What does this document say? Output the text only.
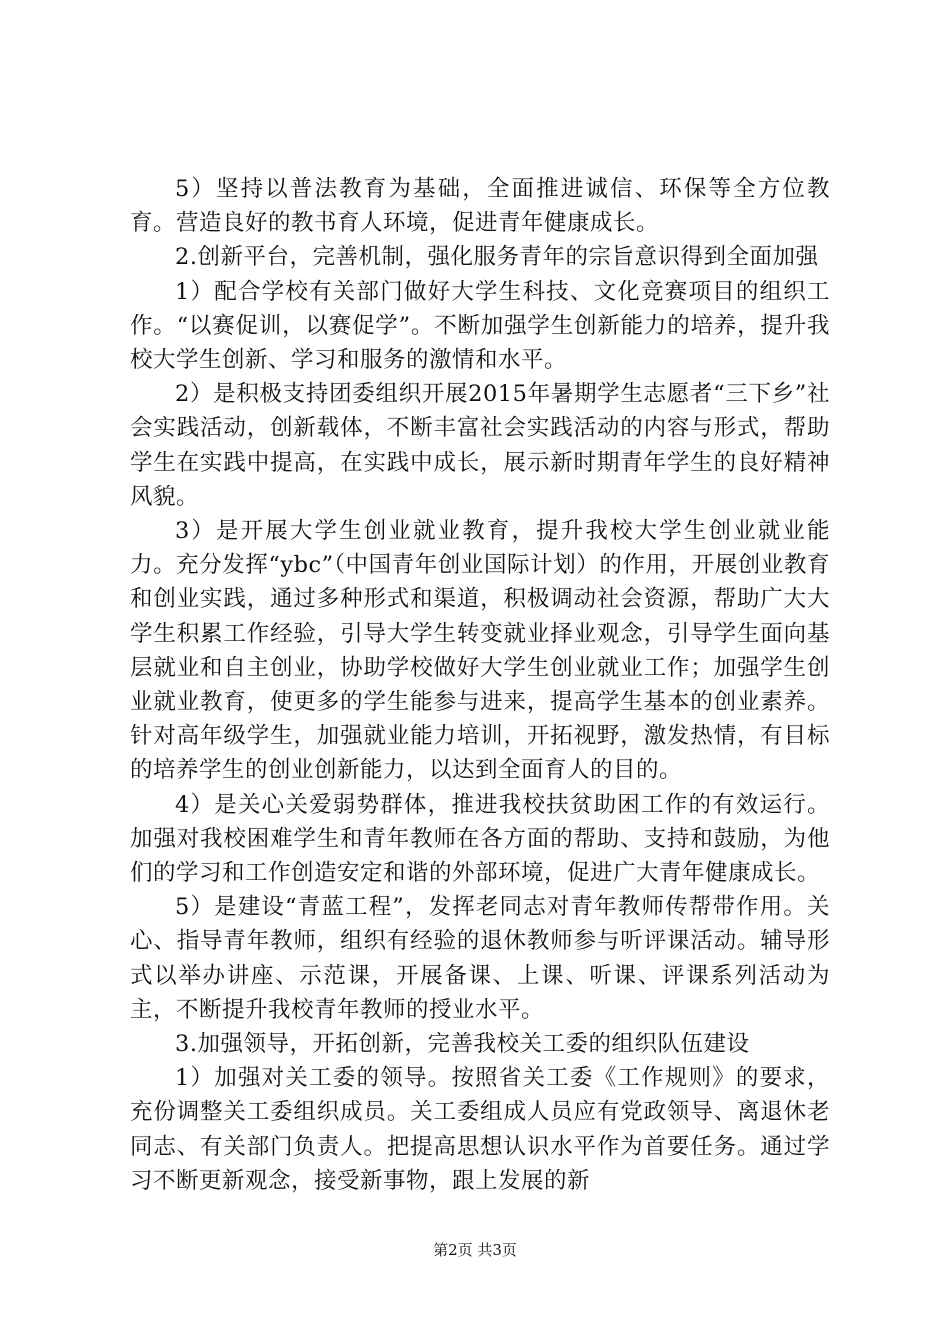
5）坚持以普法教育为基础，全面推进诚信、环保等全方位教育。营造良好的教书育人环境，促进青年健康成长。

2.创新平台，完善机制，强化服务青年的宗旨意识得到全面加强

1）配合学校有关部门做好大学生科技、文化竞赛项目的组织工作。“以赛促训，以赛促学”。不断加强学生创新能力的培养，提升我校大学生创新、学习和服务的激情和水平。

2）是积极支持团委组织开展2015年暑期学生志愿者“三下乡”社会实践活动，创新载体，不断丰富社会实践活动的内容与形式，帮助学生在实践中提高，在实践中成长，展示新时期青年学生的良好精神风貌。

3）是开展大学生创业就业教育，提升我校大学生创业就业能力。充分发挥“ybc”（中国青年创业国际计划）的作用，开展创业教育和创业实践，通过多种形式和渠道，积极调动社会资源，帮助广大大学生积累工作经验，引导大学生转变就业择业观念，引导学生面向基层就业和自主创业，协助学校做好大学生创业就业工作；加强学生创业就业教育，使更多的学生能参与进来，提高学生基本的创业素养。针对高年级学生，加强就业能力培训，开拓视野，激发热情，有目标的培养学生的创业创新能力，以达到全面育人的目的。

4）是关心关爱弱势群体，推进我校扶贫助困工作的有效运行。加强对我校困难学生和青年教师在各方面的帮助、支持和鼓励，为他们的学习和工作创造安定和谐的外部环境，促进广大青年健康成长。

5）是建设“青蓝工程”，发挥老同志对青年教师传帮带作用。关心、指导青年教师，组织有经验的退休教师参与听评课活动。辅导形式以举办讲座、示范课，开展备课、上课、听课、评课系列活动为主，不断提升我校青年教师的授业水平。

3.加强领导，开拓创新，完善我校关工委的组织队伍建设

1）加强对关工委的领导。按照省关工委《工作规则》的要求，充份调整关工委组织成员。关工委组成人员应有党政领导、离退休老同志、有关部门负责人。把提高思想认识水平作为首要任务。通过学习不断更新观念，接受新事物，跟上发展的新

第2页 共3页
